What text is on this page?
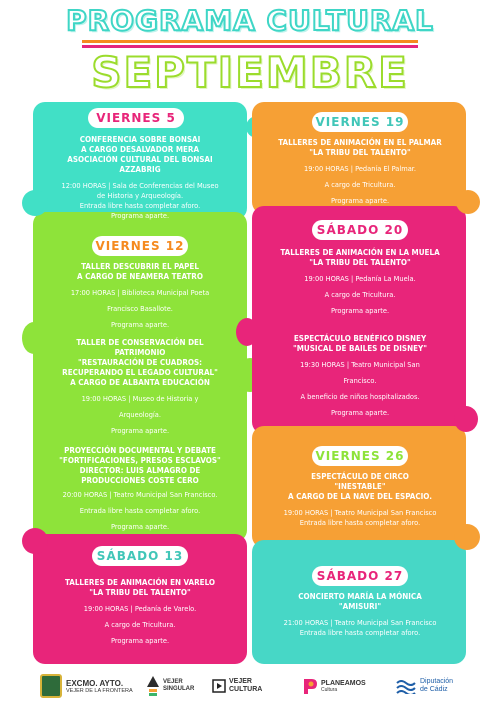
PROGRAMA CULTURAL
SEPTIEMBRE
VIERNES 5
VIERNES 12
SÁBADO 13
VIERNES 19
SÁBADO 20
VIERNES 26
SÁBADO 27
CONFERENCIA SOBRE BONSAI
A CARGO DESALVADOR MERA
ASOCIACIÓN CULTURAL DEL BONSAI
AZZABRIG
12:00 HORAS | Sala de Conferencias del Museo
de Historia y Arqueología.
Entrada libre hasta completar aforo.
Programa aparte.
TALLER DESCUBRIR EL PAPEL
A CARGO DE NEAMERA TEATRO
17:00 HORAS | Biblioteca Municipal Poeta
Francisco Basallote.
Programa aparte.
TALLER DE CONSERVACIÓN DEL
PATRIMONIO
"RESTAURACIÓN DE CUADROS:
RECUPERANDO EL LEGADO CULTURAL"
A CARGO DE ALBANTA EDUCACIÓN
19:00 HORAS | Museo de Historia y
Arqueología.
Programa aparte.
PROYECCIÓN DOCUMENTAL Y DEBATE
"FORTIFICACIONES, PRESOS ESCLAVOS"
DIRECTOR: LUIS ALMAGRO DE
PRODUCCIONES COSTE CERO
20:00 HORAS | Teatro Municipal San Francisco.
Entrada libre hasta completar aforo.
Programa aparte.
TALLERES DE ANIMACIÓN EN VARELO
"LA TRIBU DEL TALENTO"
19:00 HORAS | Pedanía de Varelo.
A cargo de Tricultura.
Programa aparte.
TALLERES DE ANIMACIÓN EN EL PALMAR
"LA TRIBU DEL TALENTO"
19:00 HORAS | Pedanía El Palmar.
A cargo de Tricultura.
Programa aparte.
TALLERES DE ANIMACIÓN EN LA MUELA
"LA TRIBU DEL TALENTO"
19:00 HORAS | Pedanía La Muela.
A cargo de Tricultura.
Programa aparte.
ESPECTÁCULO BENÉFICO DISNEY
"MUSICAL DE BAILES DE DISNEY"
19:30 HORAS | Teatro Municipal San
Francisco.
A beneficio de niños hospitalizados.
Programa aparte.
ESPECTÁCULO DE CIRCO
"INESTABLE"
A CARGO DE LA NAVE DEL ESPACIO.
19:00 HORAS | Teatro Municipal San Francisco
Entrada libre hasta completar aforo.
CONCIERTO MARÍA LA MÓNICA
"AMISURI"
21:00 HORAS | Teatro Municipal San Francisco
Entrada libre hasta completar aforo.
EXCMO. AYTO.
VEJER DE LA FRONTERA
VEJER
SINGULAR
VEJER
CULTURA
PLANEAMOS
Cultura
Diputación
de Cádiz
